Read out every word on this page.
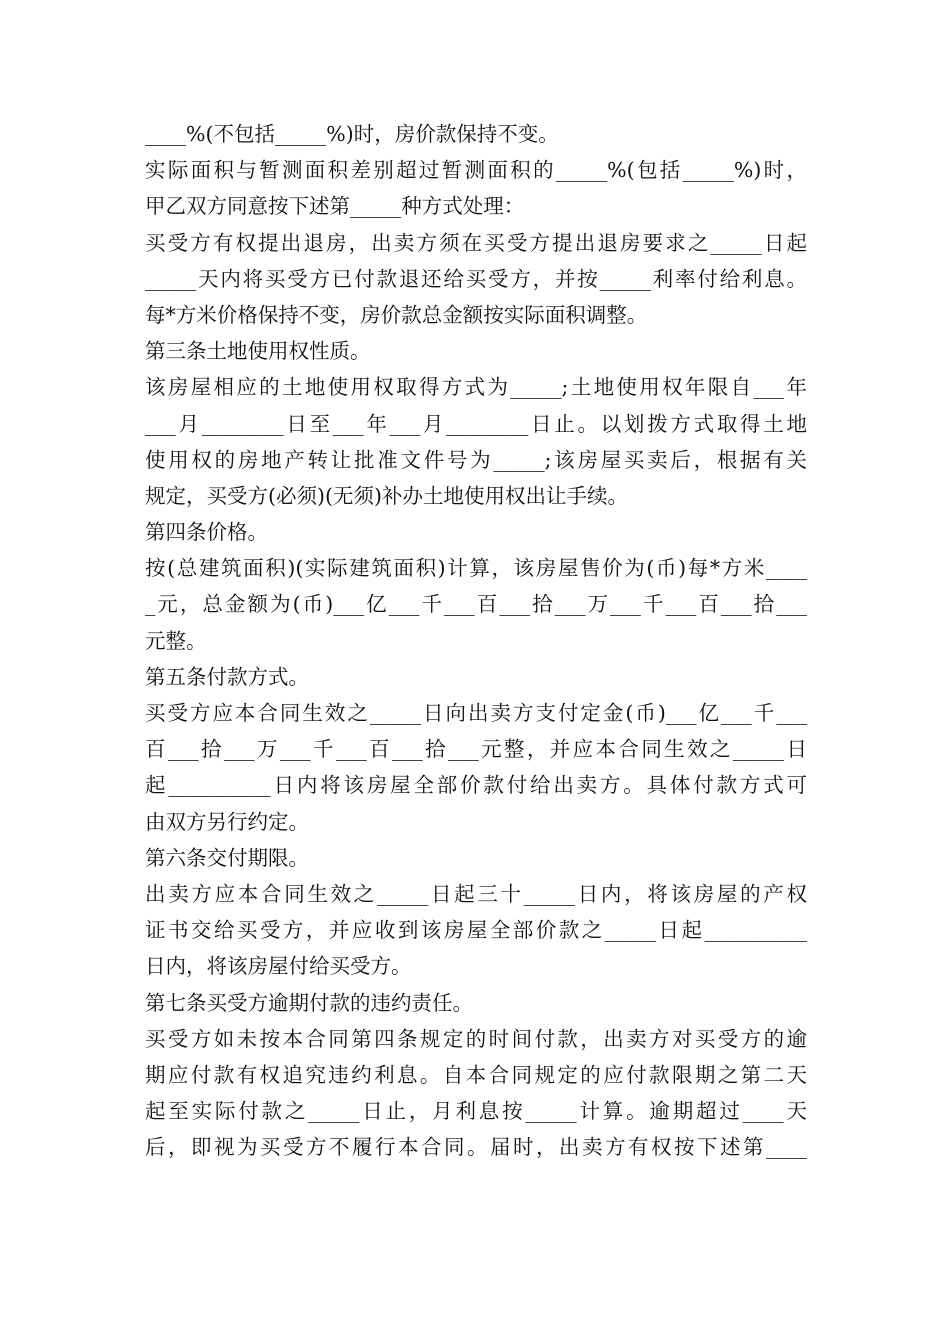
____%(不包括_____%)时，房价款保持不变。
实际面积与暂测面积差别超过暂测面积的_____%(包括_____%)时，
甲乙双方同意按下述第_____种方式处理：
买受方有权提出退房，出卖方须在买受方提出退房要求之_____日起
_____天内将买受方已付款退还给买受方，并按_____利率付给利息。
每*方米价格保持不变，房价款总金额按实际面积调整。
第三条土地使用权性质。
该房屋相应的土地使用权取得方式为_____;土地使用权年限自___年
___月________日至___年___月________日止。以划拨方式取得土地
使用权的房地产转让批准文件号为_____;该房屋买卖后，根据有关
规定，买受方(必须)(无须)补办土地使用权出让手续。
第四条价格。
按(总建筑面积)(实际建筑面积)计算，该房屋售价为(币)每*方米____
_元，总金额为(币)___亿___千___百___拾___万___千___百___拾___
元整。
第五条付款方式。
买受方应本合同生效之_____日向出卖方支付定金(币)___亿___千___
百___拾___万___千___百___拾___元整，并应本合同生效之_____日
起__________日内将该房屋全部价款付给出卖方。具体付款方式可
由双方另行约定。
第六条交付期限。
出卖方应本合同生效之_____日起三十_____日内，将该房屋的产权
证书交给买受方，并应收到该房屋全部价款之_____日起__________
日内，将该房屋付给买受方。
第七条买受方逾期付款的违约责任。
买受方如未按本合同第四条规定的时间付款，出卖方对买受方的逾
期应付款有权追究违约利息。自本合同规定的应付款限期之第二天
起至实际付款之_____日止，月利息按_____计算。逾期超过____天
后，即视为买受方不履行本合同。届时，出卖方有权按下述第____
